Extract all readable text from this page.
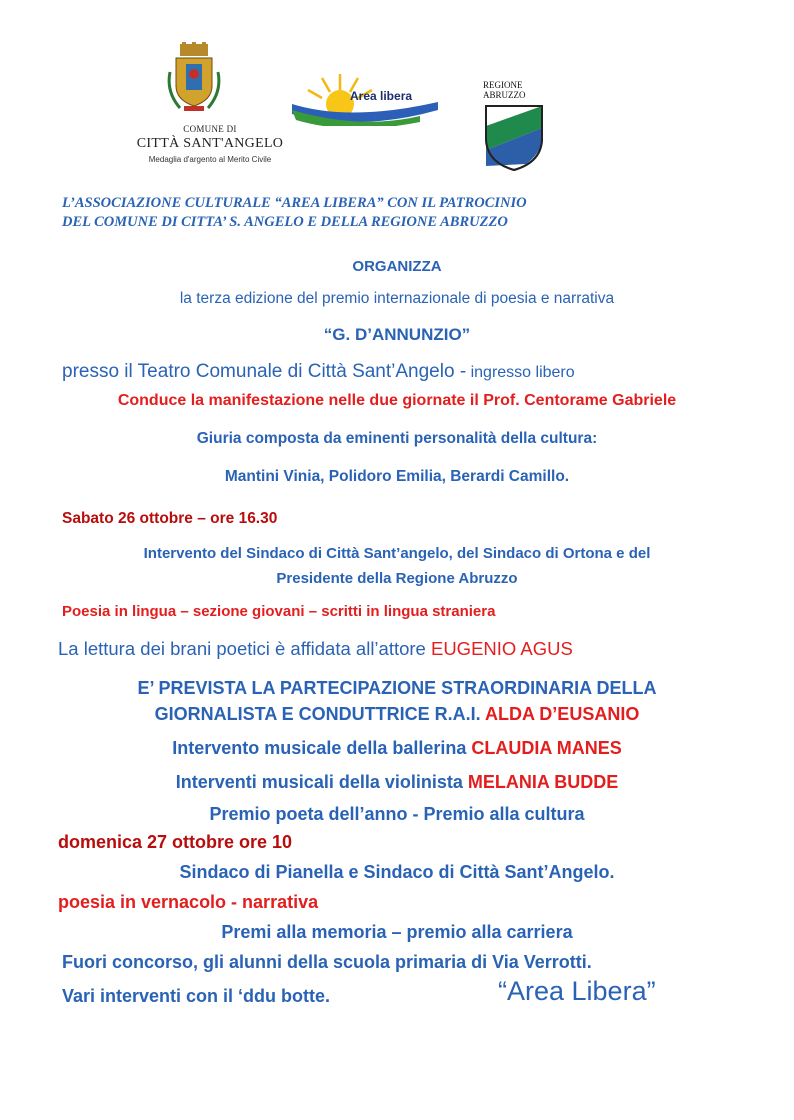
COMUNE DI
CITTÀ SANT'ANGELO
Medaglia d'argento al Merito Civile
Area libera
REGIONE
ABRUZZO
L’ASSOCIAZIONE CULTURALE “AREA LIBERA” CON IL PATROCINIO
DEL COMUNE DI CITTA’ S. ANGELO E DELLA REGIONE ABRUZZO
ORGANIZZA
la terza edizione del premio internazionale di poesia e narrativa
“G. D’ANNUNZIO”
presso il Teatro Comunale di Città Sant’Angelo - ingresso libero
Conduce la manifestazione nelle due giornate il Prof. Centorame Gabriele
Giuria composta da eminenti personalità della cultura:
Mantini Vinia, Polidoro Emilia, Berardi Camillo.
Sabato 26 ottobre – ore 16.30
Intervento del Sindaco di Città Sant’angelo, del Sindaco di Ortona e del
Presidente della Regione Abruzzo
Poesia in lingua – sezione giovani – scritti in lingua straniera
La lettura dei brani poetici è affidata all’attore EUGENIO AGUS
E’ PREVISTA LA PARTECIPAZIONE STRAORDINARIA DELLA
GIORNALISTA E CONDUTTRICE R.A.I. ALDA D’EUSANIO
Intervento musicale della ballerina CLAUDIA MANES
Interventi musicali della violinista MELANIA BUDDE
Premio poeta dell’anno - Premio alla cultura
domenica 27 ottobre ore 10
Sindaco di Pianella e Sindaco di Città Sant’Angelo.
poesia in vernacolo - narrativa
Premi alla memoria – premio alla carriera
Fuori concorso, gli alunni della scuola primaria di Via Verrotti.
Vari interventi con il ‘ddu botte.	“Area Libera”
